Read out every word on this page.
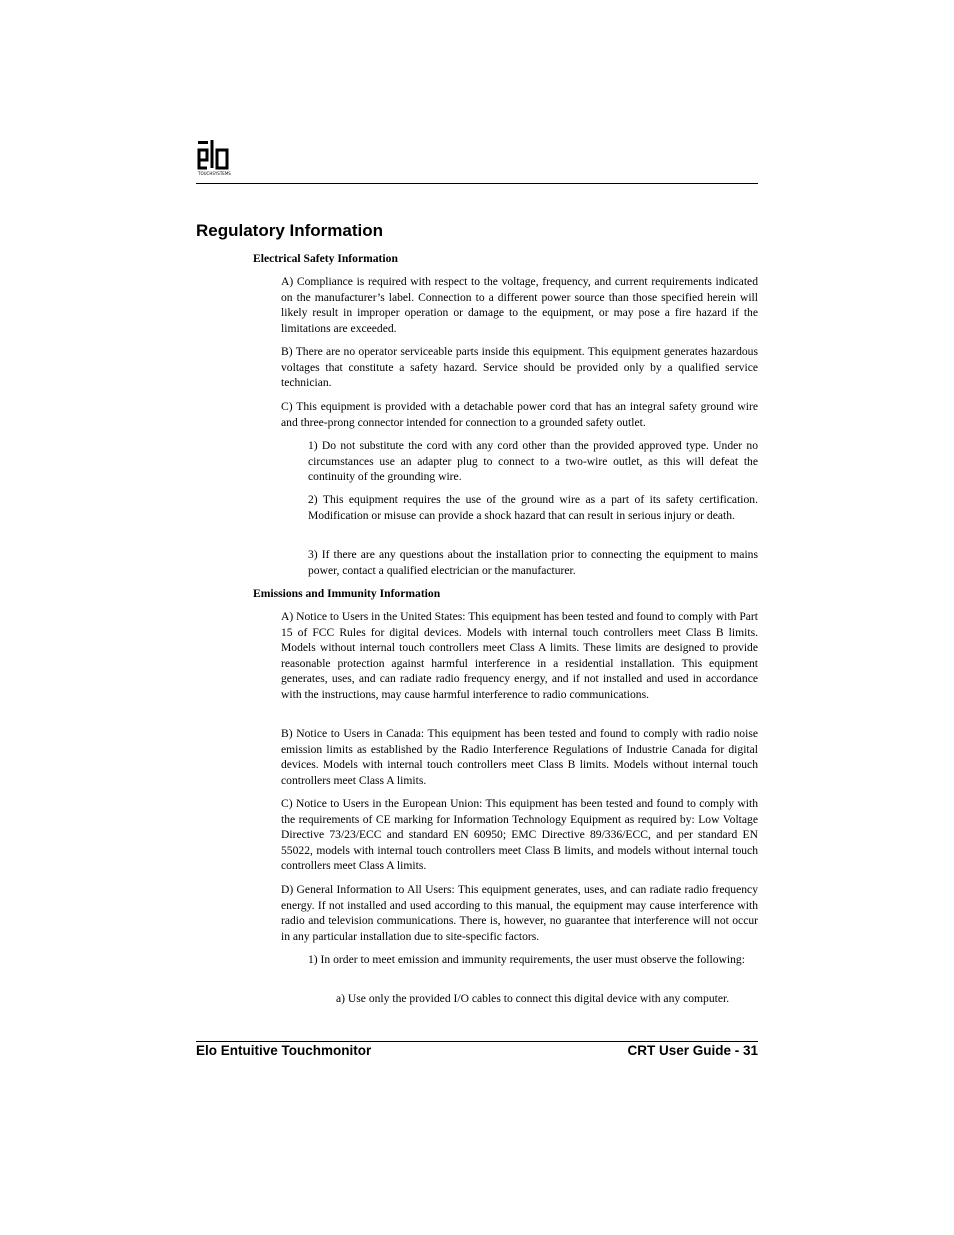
TOUCHSYSTEMS
Regulatory Information

Electrical Safety Information

A) Compliance is required with respect to the voltage, frequency, and current requirements indicated on the manufacturer’s label. Connection to a different power source than those specified herein will likely result in improper operation or damage to the equipment, or may pose a fire hazard if the limitations are exceeded.

B) There are no operator serviceable parts inside this equipment. This equipment generates hazardous voltages that constitute a safety hazard. Service should be provided only by a qualified service technician.

C) This equipment is provided with a detachable power cord that has an integral safety ground wire and three-prong connector intended for connection to a grounded safety outlet.

1) Do not substitute the cord with any cord other than the provided approved type. Under no circumstances use an adapter plug to connect to a two-wire outlet, as this will defeat the continuity of the grounding wire.

2) This equipment requires the use of the ground wire as a part of its safety certification. Modification or misuse can provide a shock hazard that can result in serious injury or death.

3) If there are any questions about the installation prior to connecting the equipment to mains power, contact a qualified electrician or the manufacturer.

Emissions and Immunity Information

A) Notice to Users in the United States: This equipment has been tested and found to comply with Part 15 of FCC Rules for digital devices. Models with internal touch controllers meet Class B limits. Models without internal touch controllers meet Class A limits. These limits are designed to provide reasonable protection against harmful interference in a residential installation. This equipment generates, uses, and can radiate radio frequency energy, and if not installed and used in accordance with the instructions, may cause harmful interference to radio communications.

B) Notice to Users in Canada: This equipment has been tested and found to comply with radio noise emission limits as established by the Radio Interference Regulations of Industrie Canada for digital devices. Models with internal touch controllers meet Class B limits. Models without internal touch controllers meet Class A limits.

C) Notice to Users in the European Union: This equipment has been tested and found to comply with the requirements of CE marking for Information Technology Equipment as required by: Low Voltage Directive 73/23/ECC and standard EN 60950; EMC Directive 89/336/ECC, and per standard EN 55022, models with internal touch controllers meet Class B limits, and models without internal touch controllers meet Class A limits.

D) General Information to All Users: This equipment generates, uses, and can radiate radio frequency energy. If not installed and used according to this manual, the equipment may cause interference with radio and television communications. There is, however, no guarantee that interference will not occur in any particular installation due to site-specific factors.

1) In order to meet emission and immunity requirements, the user must observe the following:

a) Use only the provided I/O cables to connect this digital device with any computer.

Elo Entuitive Touchmonitor	CRT User Guide - 31
